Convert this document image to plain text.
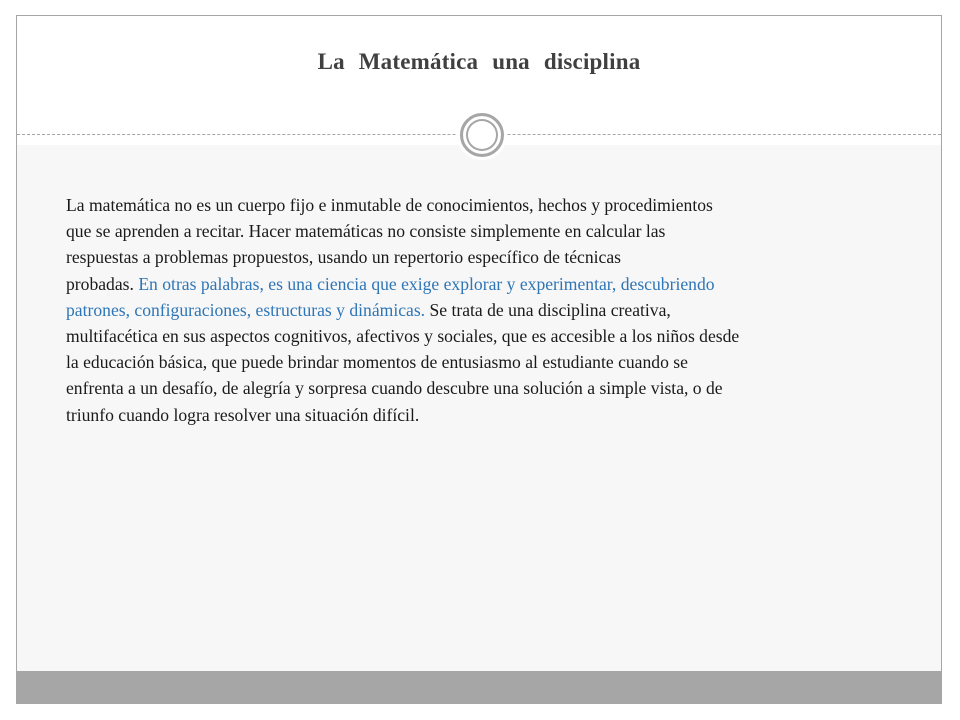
La Matemática una disciplina

La matemática no es un cuerpo fijo e inmutable de conocimientos, hechos y procedimientos
que se aprenden a recitar. Hacer matemáticas no consiste simplemente en calcular las
respuestas a problemas propuestos, usando un repertorio específico de técnicas
probadas. En otras palabras, es una ciencia que exige explorar y experimentar, descubriendo
patrones, configuraciones, estructuras y dinámicas. Se trata de una disciplina creativa,
multifacética en sus aspectos cognitivos, afectivos y sociales, que es accesible a los niños desde
la educación básica, que puede brindar momentos de entusiasmo al estudiante cuando se
enfrenta a un desafío, de alegría y sorpresa cuando descubre una solución a simple vista, o de
triunfo cuando logra resolver una situación difícil.
